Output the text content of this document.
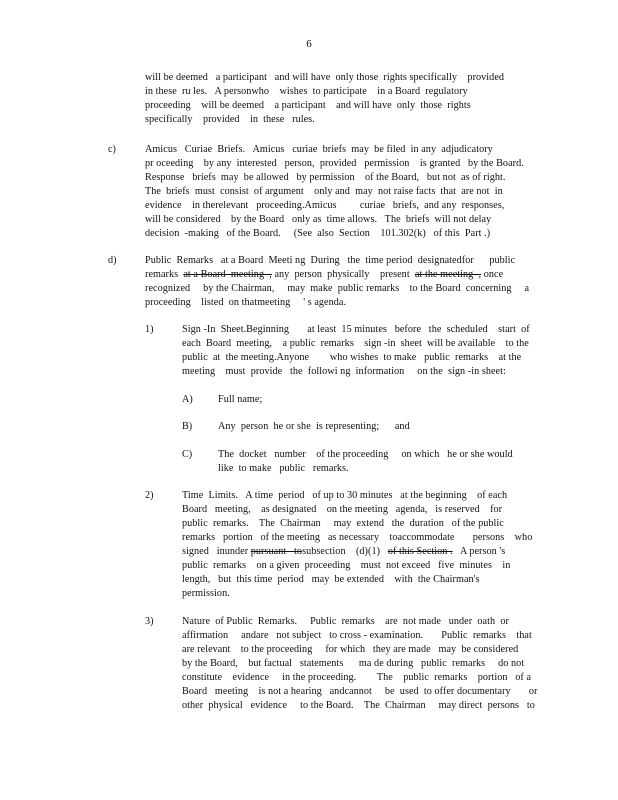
6
will be deemed   a participant   and will have  only those  rights specifically    provided
in these  ru les.   A personwho    wishes  to participate    in a Board  regulatory
proceeding    will be deemed    a participant    and will have  only  those  rights
specifically    provided    in  these   rules.
c)	Amicus   Curiae  Briefs.   Amicus   curiae  briefs  may  be filed  in any  adjudicatory
pr oceeding    by any  interested   person,  provided   permission    is granted   by the Board.
Response   briefs  may  be allowed   by permission    of the Board,   but not  as of right.
The  briefs  must  consist  of argument    only and  may  not raise facts  that  are not  in
evidence    in therelevant   proceeding.Amicus         curiae   briefs,  and any  responses,
will be considered    by the Board   only as  time allows.   The  briefs  will not delay
decision  -making   of the Board.     (See  also  Section    101.302(k)   of this  Part .)
d)	Public  Remarks   at a Board  Meeti ng  During   the  time period  designatedfor      public
remarks  at a Board  meeting  , any  person  physically    present  at the meeting  , once
recognized     by the Chairman,     may  make  public remarks    to the Board  concerning     a
proceeding    listed  on thatmeeting     ' s agenda.
1)	Sign -In  Sheet.Beginning       at least  15 minutes   before   the  scheduled    start  of
each  Board  meeting,    a public  remarks    sign -in  sheet  will be available    to the
public  at  the meeting.Anyone        who wishes  to make   public  remarks    at the
meeting    must  provide   the  followi ng  information     on the  sign -in sheet:
A) Full name;
B)	Any  person  he or she  is representing;      and
C)	The  docket   number    of the proceeding     on which   he or she would
like  to make   public   remarks.
2)	Time  Limits.   A time  period   of up to 30 minutes   at the beginning    of each
Board   meeting,    as designated    on the meeting   agenda,   is reserved    for
public  remarks.    The  Chairman     may  extend   the  duration   of the public
remarks   portion   of the meeting   as necessary    toaccommodate       persons    who
signed   inunder pursuant   tosubsection    (d)(1)   of this Section .   A person 's
public  remarks    on a given  proceeding    must  not exceed   five  minutes    in
length,   but  this time  period   may  be extended    with  the Chairman's
permission.
3)	Nature  of Public  Remarks.     Public  remarks    are  not made   under  oath  or
affirmation     andare   not subject   to cross - examination.       Public  remarks    that
are relevant    to the proceeding     for which   they are made   may  be considered
by the Board,    but factual   statements      ma de during   public  remarks     do not
constitute    evidence     in the proceeding.        The    public  remarks    portion   of a
Board   meeting    is not a hearing   andcannot     be  used  to offer documentary       or
other  physical   evidence     to the Board.    The  Chairman     may direct  persons   to
